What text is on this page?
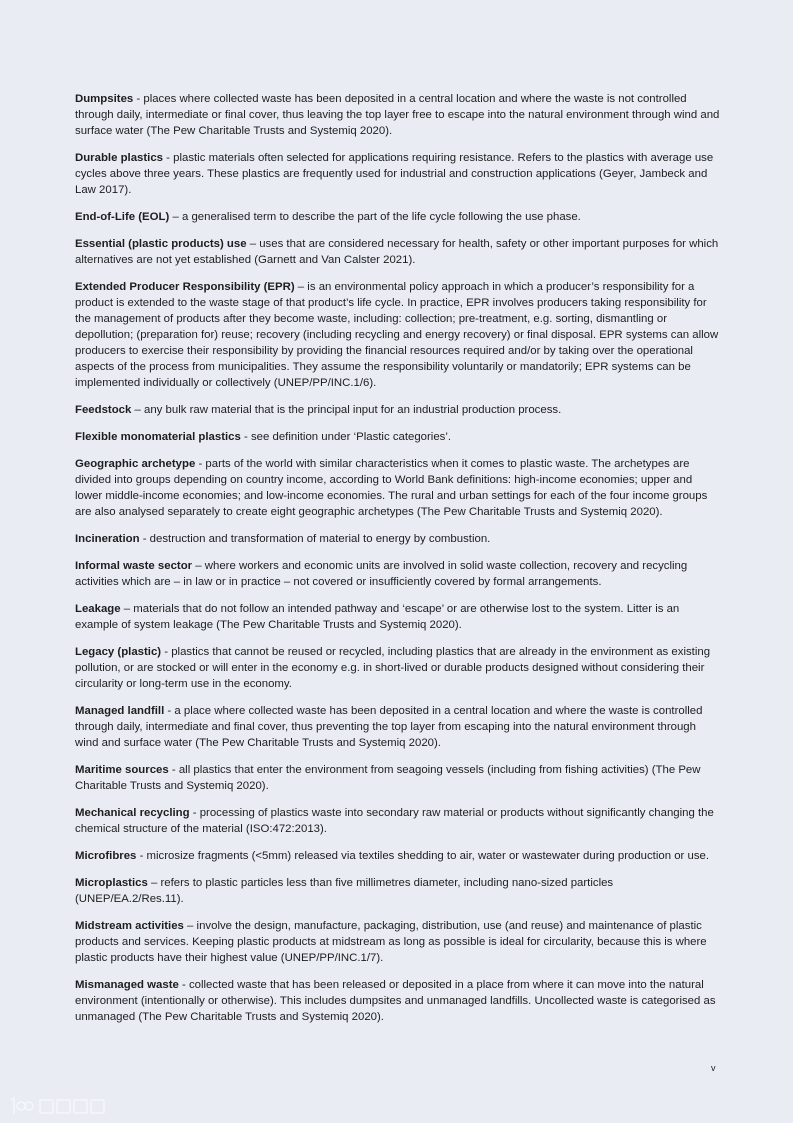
Dumpsites - places where collected waste has been deposited in a central location and where the waste is not controlled through daily, intermediate or final cover, thus leaving the top layer free to escape into the natural environment through wind and surface water (The Pew Charitable Trusts and Systemiq 2020).

Durable plastics - plastic materials often selected for applications requiring resistance. Refers to the plastics with average use cycles above three years. These plastics are frequently used for industrial and construction applications (Geyer, Jambeck and Law 2017).

End-of-Life (EOL) – a generalised term to describe the part of the life cycle following the use phase.

Essential (plastic products) use – uses that are considered necessary for health, safety or other important purposes for which alternatives are not yet established (Garnett and Van Calster 2021).

Extended Producer Responsibility (EPR) – is an environmental policy approach in which a producer’s responsibility for a product is extended to the waste stage of that product’s life cycle. In practice, EPR involves producers taking responsibility for the management of products after they become waste, including: collection; pre-treatment, e.g. sorting, dismantling or depollution; (preparation for) reuse; recovery (including recycling and energy recovery) or final disposal. EPR systems can allow producers to exercise their responsibility by providing the financial resources required and/or by taking over the operational aspects of the process from municipalities. They assume the responsibility voluntarily or mandatorily; EPR systems can be implemented individually or collectively (UNEP/PP/INC.1/6).

Feedstock – any bulk raw material that is the principal input for an industrial production process.

Flexible monomaterial plastics - see definition under ‘Plastic categories’.

Geographic archetype - parts of the world with similar characteristics when it comes to plastic waste. The archetypes are divided into groups depending on country income, according to World Bank definitions: high-income economies; upper and lower middle-income economies; and low-income economies. The rural and urban settings for each of the four income groups are also analysed separately to create eight geographic archetypes (The Pew Charitable Trusts and Systemiq 2020).

Incineration - destruction and transformation of material to energy by combustion.

Informal waste sector – where workers and economic units are involved in solid waste collection, recovery and recycling activities which are – in law or in practice – not covered or insufficiently covered by formal arrangements.

Leakage – materials that do not follow an intended pathway and ‘escape’ or are otherwise lost to the system. Litter is an example of system leakage (The Pew Charitable Trusts and Systemiq 2020).

Legacy (plastic) - plastics that cannot be reused or recycled, including plastics that are already in the environment as existing pollution, or are stocked or will enter in the economy e.g. in short-lived or durable products designed without considering their circularity or long-term use in the economy.

Managed landfill - a place where collected waste has been deposited in a central location and where the waste is controlled through daily, intermediate and final cover, thus preventing the top layer from escaping into the natural environment through wind and surface water (The Pew Charitable Trusts and Systemiq 2020).

Maritime sources - all plastics that enter the environment from seagoing vessels (including from fishing activities) (The Pew Charitable Trusts and Systemiq 2020).

Mechanical recycling - processing of plastics waste into secondary raw material or products without significantly changing the chemical structure of the material (ISO:472:2013).

Microfibres - microsize fragments (<5mm) released via textiles shedding to air, water or wastewater during production or use.

Microplastics – refers to plastic particles less than five millimetres diameter, including nano-sized particles (UNEP/EA.2/Res.11).

Midstream activities – involve the design, manufacture, packaging, distribution, use (and reuse) and maintenance of plastic products and services. Keeping plastic products at midstream as long as possible is ideal for circularity, because this is where plastic products have their highest value (UNEP/PP/INC.1/7).

Mismanaged waste - collected waste that has been released or deposited in a place from where it can move into the natural environment (intentionally or otherwise). This includes dumpsites and unmanaged landfills. Uncollected waste is categorised as unmanaged (The Pew Charitable Trusts and Systemiq 2020).

v
